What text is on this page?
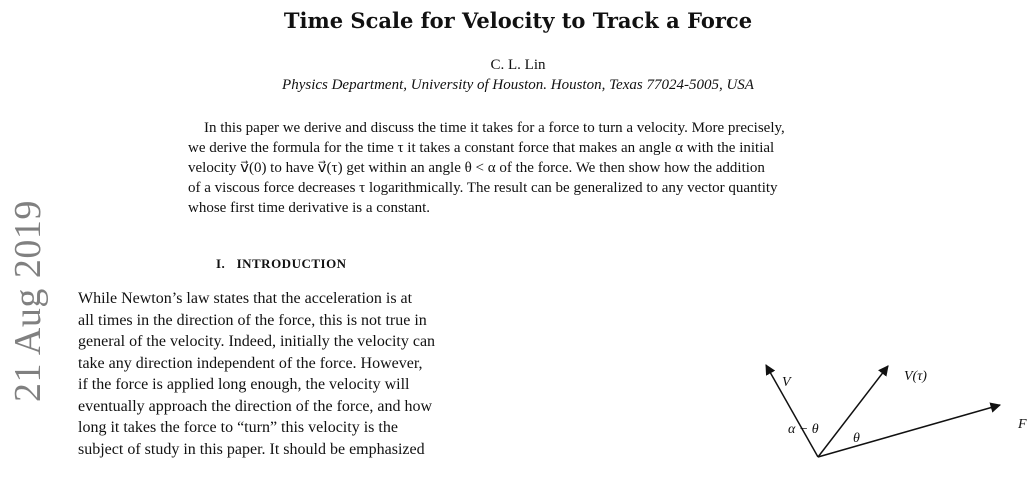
21 Aug 2019
Time Scale for Velocity to Track a Force
C. L. Lin
Physics Department, University of Houston. Houston, Texas 77024-5005, USA
In this paper we derive and discuss the time it takes for a force to turn a velocity. More precisely,
we derive the formula for the time τ it takes a constant force that makes an angle α with the initial
velocity v⃗(0) to have v⃗(τ) get within an angle θ < α of the force. We then show how the addition
of a viscous force decreases τ logarithmically. The result can be generalized to any vector quantity
whose first time derivative is a constant.
I. INTRODUCTION
While Newton’s law states that the acceleration is at
all times in the direction of the force, this is not true in
general of the velocity. Indeed, initially the velocity can
take any direction independent of the force. However,
if the force is applied long enough, the velocity will
eventually approach the direction of the force, and how
long it takes the force to “turn” this velocity is the
subject of study in this paper. It should be emphasized
V	V(τ)
F
α − θ
θ
